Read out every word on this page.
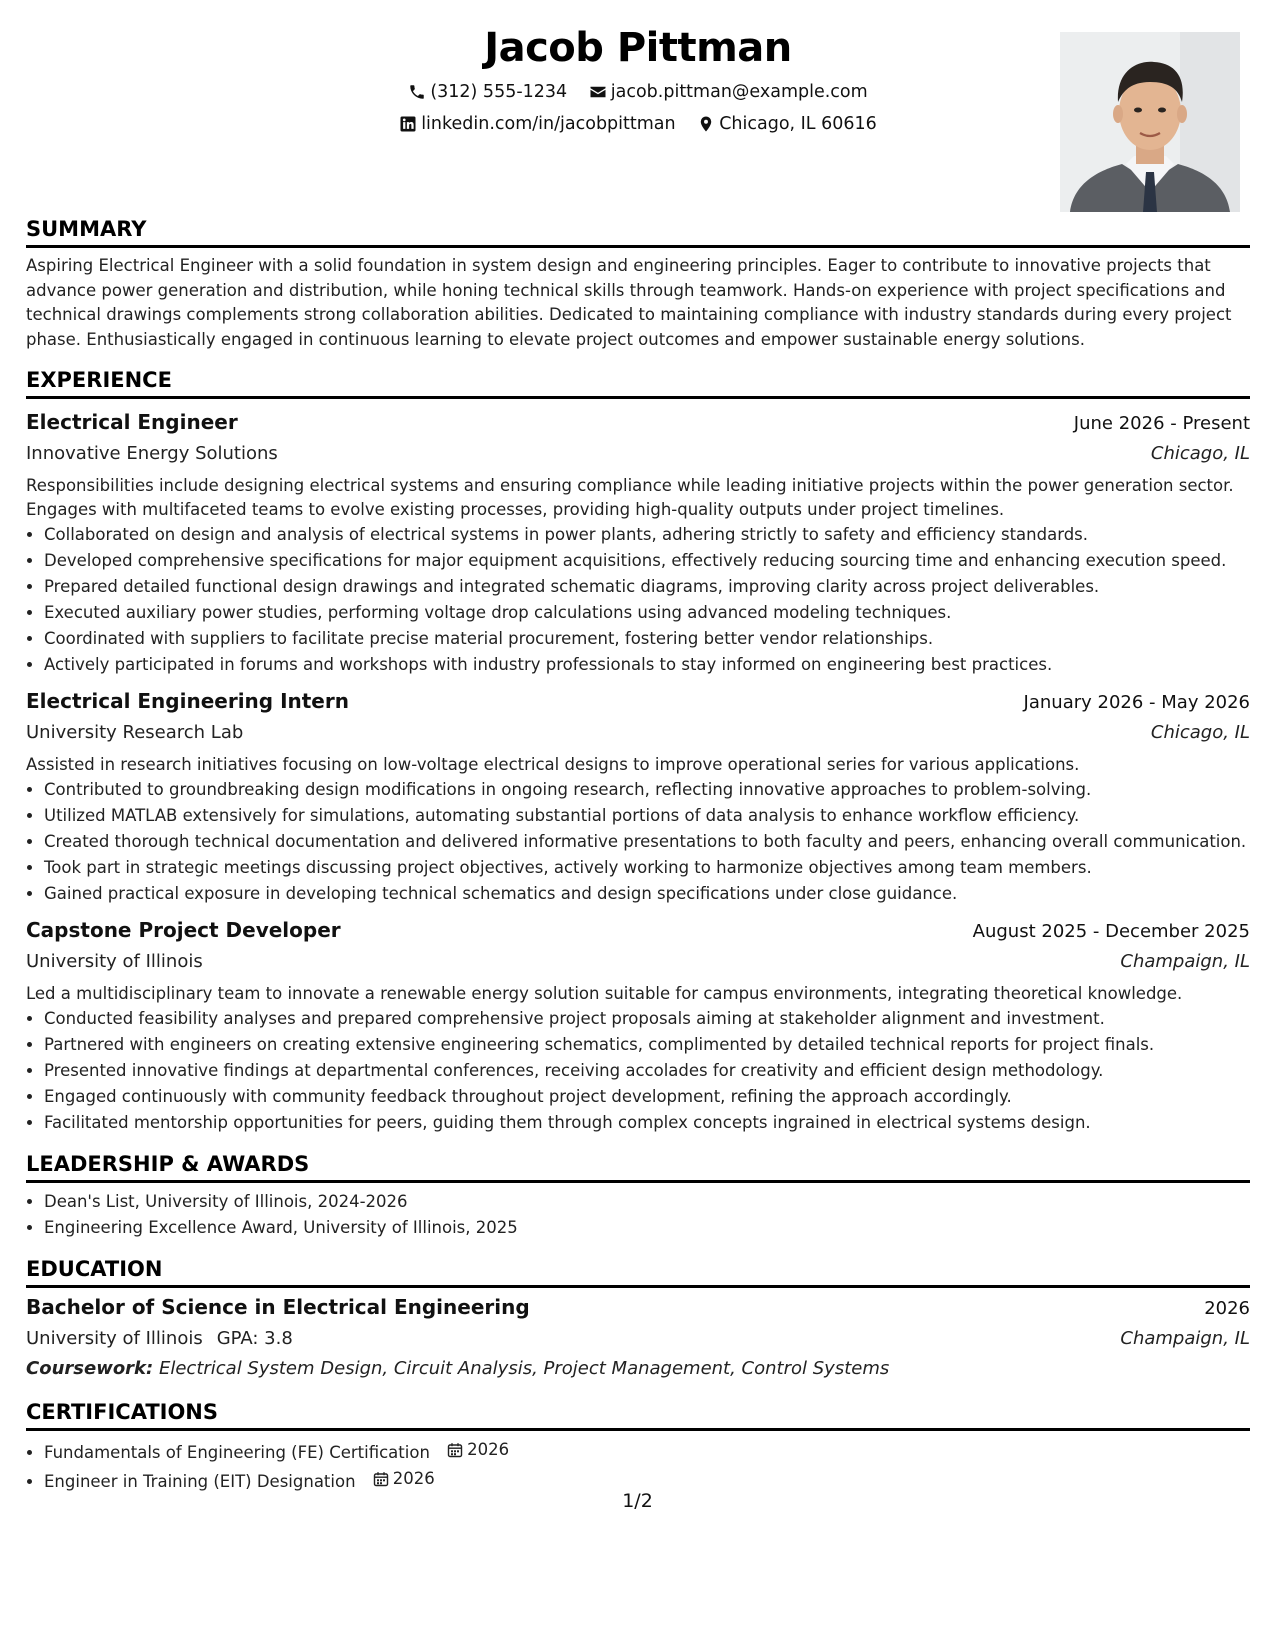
Jacob Pittman
(312) 555-1234
jacob.pittman@example.com
linkedin.com/in/jacobpittman
Chicago, IL 60616
SUMMARY

Aspiring Electrical Engineer with a solid foundation in system design and engineering principles. Eager to contribute to innovative projects that advance power generation and distribution, while honing technical skills through teamwork. Hands-on experience with project specifications and technical drawings complements strong collaboration abilities. Dedicated to maintaining compliance with industry standards during every project phase. Enthusiastically engaged in continuous learning to elevate project outcomes and empower sustainable energy solutions.

EXPERIENCE
Electrical Engineer	June 2026 - Present
Innovative Energy Solutions	Chicago, IL

Responsibilities include designing electrical systems and ensuring compliance while leading initiative projects within the power generation sector. Engages with multifaceted teams to evolve existing processes, providing high-quality outputs under project timelines.

• Collaborated on design and analysis of electrical systems in power plants, adhering strictly to safety and efficiency standards.
• Developed comprehensive specifications for major equipment acquisitions, effectively reducing sourcing time and enhancing execution speed.
• Prepared detailed functional design drawings and integrated schematic diagrams, improving clarity across project deliverables.
• Executed auxiliary power studies, performing voltage drop calculations using advanced modeling techniques.
• Coordinated with suppliers to facilitate precise material procurement, fostering better vendor relationships.
• Actively participated in forums and workshops with industry professionals to stay informed on engineering best practices.
Electrical Engineering Intern	January 2026 - May 2026
University Research Lab	Chicago, IL

Assisted in research initiatives focusing on low-voltage electrical designs to improve operational series for various applications.

• Contributed to groundbreaking design modifications in ongoing research, reflecting innovative approaches to problem-solving.
• Utilized MATLAB extensively for simulations, automating substantial portions of data analysis to enhance workflow efficiency.
• Created thorough technical documentation and delivered informative presentations to both faculty and peers, enhancing overall communication.
• Took part in strategic meetings discussing project objectives, actively working to harmonize objectives among team members.
• Gained practical exposure in developing technical schematics and design specifications under close guidance.
Capstone Project Developer	August 2025 - December 2025
University of Illinois	Champaign, IL

Led a multidisciplinary team to innovate a renewable energy solution suitable for campus environments, integrating theoretical knowledge.

• Conducted feasibility analyses and prepared comprehensive project proposals aiming at stakeholder alignment and investment.
• Partnered with engineers on creating extensive engineering schematics, complimented by detailed technical reports for project finals.
• Presented innovative findings at departmental conferences, receiving accolades for creativity and efficient design methodology.
• Engaged continuously with community feedback throughout project development, refining the approach accordingly.
• Facilitated mentorship opportunities for peers, guiding them through complex concepts ingrained in electrical systems design.
LEADERSHIP & AWARDS
• Dean's List, University of Illinois, 2024-2026
• Engineering Excellence Award, University of Illinois, 2025
EDUCATION
Bachelor of Science in Electrical Engineering	2026
University of Illinois GPA: 3.8	Champaign, IL
Coursework: Electrical System Design, Circuit Analysis, Project Management, Control Systems
CERTIFICATIONS
• Fundamentals of Engineering (FE) Certification 2026
• Engineer in Training (EIT) Designation 2026
1/2
